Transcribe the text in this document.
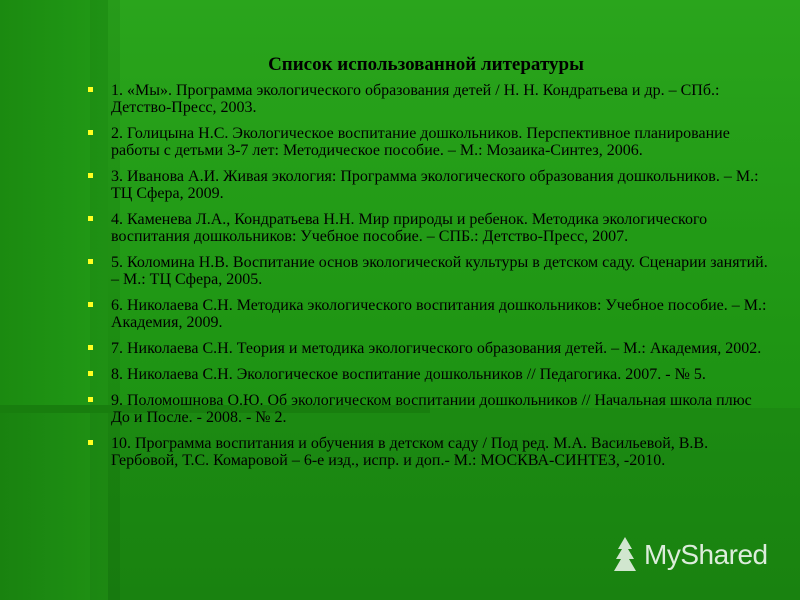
Список использованной литературы
1. «Мы». Программа экологического образования детей / Н. Н. Кондратьева и др. – СПб.: Детство-Пресс, 2003.
2. Голицына Н.С. Экологическое воспитание дошкольников. Перспективное планирование работы с детьми 3-7 лет: Методическое пособие. – М.: Мозаика-Синтез, 2006.
3. Иванова А.И. Живая экология: Программа экологического образования дошкольников. – М.: ТЦ Сфера, 2009.
4. Каменева Л.А., Кондратьева Н.Н. Мир природы и ребенок. Методика экологического воспитания дошкольников: Учебное пособие. – СПБ.: Детство-Пресс, 2007.
5. Коломина Н.В. Воспитание основ экологической культуры в детском саду. Сценарии занятий. – М.: ТЦ Сфера, 2005.
6. Николаева С.Н. Методика экологического воспитания дошкольников: Учебное пособие. – М.: Академия, 2009.
7. Николаева С.Н. Теория и методика экологического образования детей. – М.: Академия, 2002.
8. Николаева С.Н. Экологическое воспитание дошкольников // Педагогика. 2007. - № 5.
9. Поломошнова О.Ю. Об экологическом воспитании дошкольников // Начальная школа плюс До и После. - 2008. - № 2.
10. Программа воспитания и обучения в детском саду / Под ред. М.А. Васильевой, В.В. Гербовой, Т.С. Комаровой – 6-е изд., испр. и доп.- М.: МОСКВА-СИНТЕЗ, -2010.
MyShared
